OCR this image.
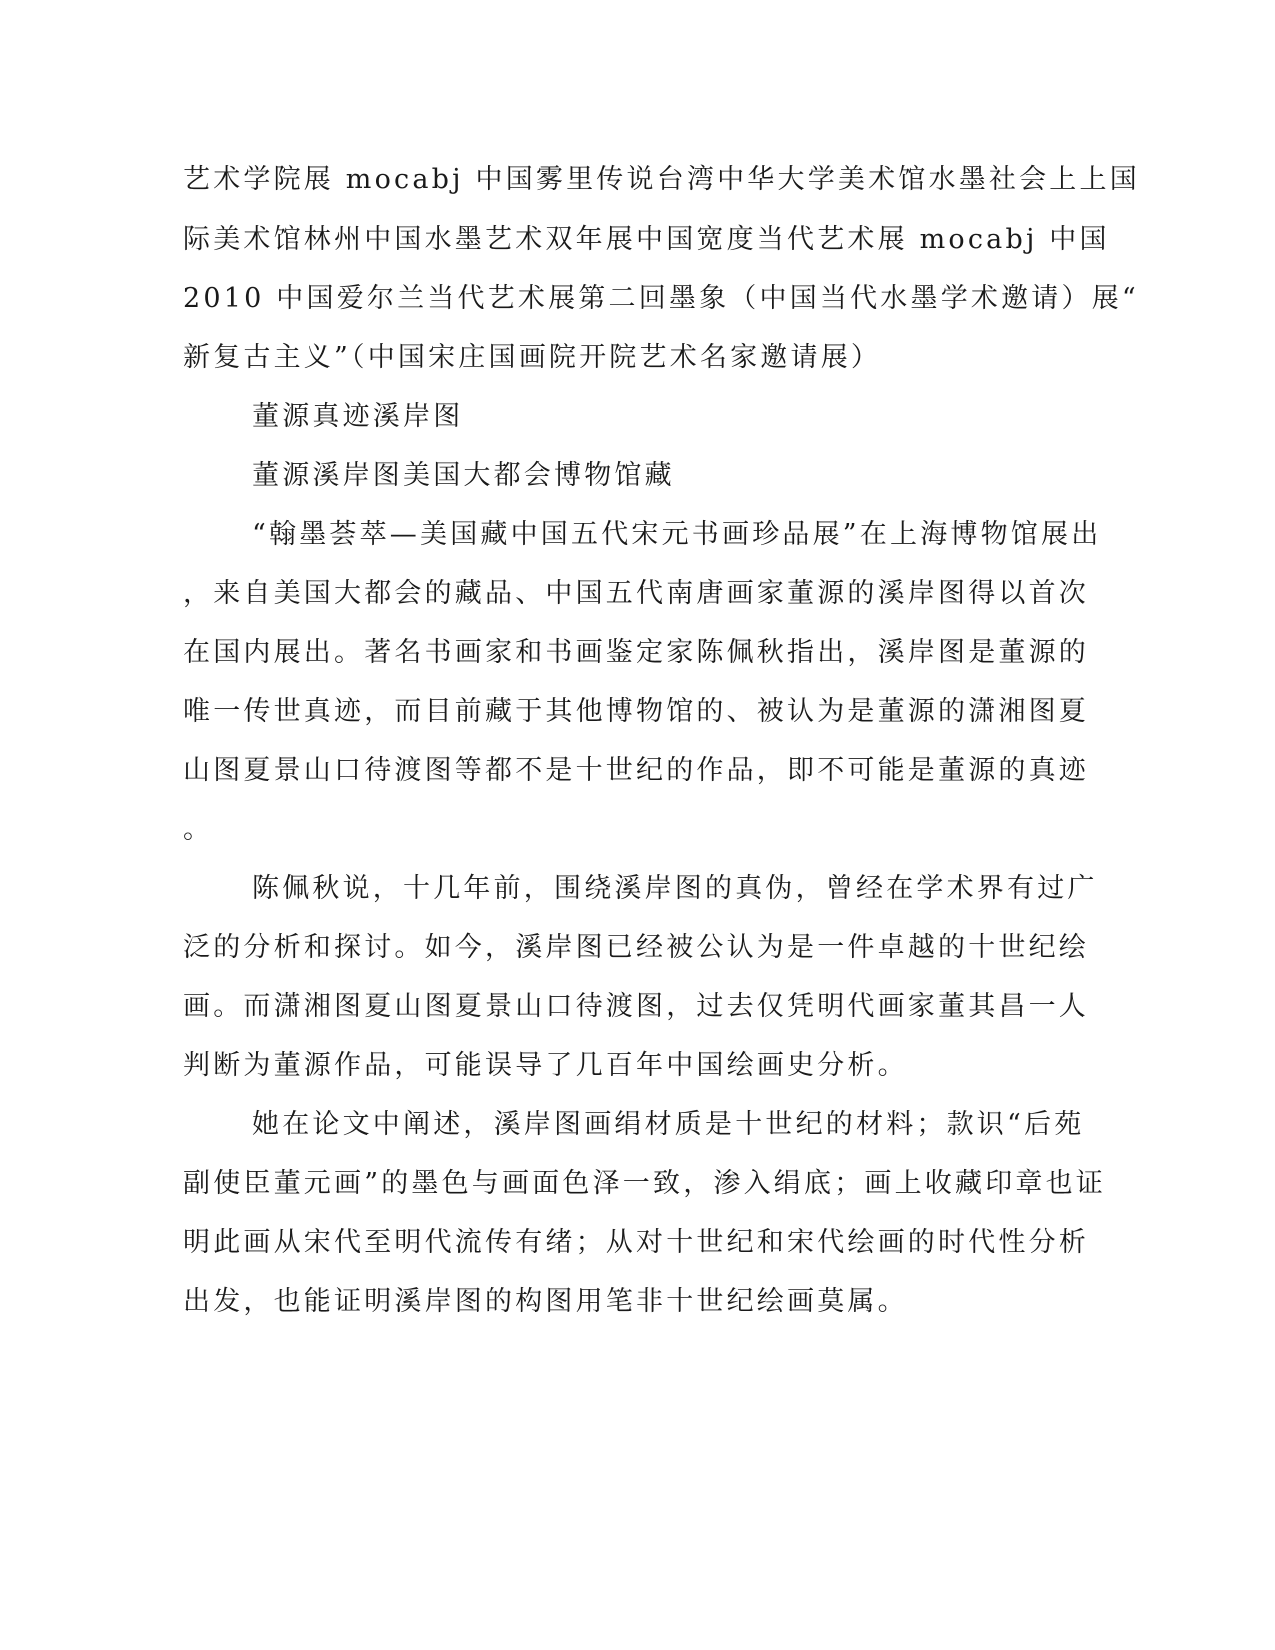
艺术学院展 mocabj 中国雾里传说台湾中华大学美术馆水墨社会上上国
际美术馆林州中国水墨艺术双年展中国宽度当代艺术展 mocabj 中国
2010 中国爱尔兰当代艺术展第二回墨象（中国当代水墨学术邀请）展“
新复古主义”（中国宋庄国画院开院艺术名家邀请展）
董源真迹溪岸图
董源溪岸图美国大都会博物馆藏
“翰墨荟萃—美国藏中国五代宋元书画珍品展”在上海博物馆展出
，来自美国大都会的藏品、中国五代南唐画家董源的溪岸图得以首次
在国内展出。著名书画家和书画鉴定家陈佩秋指出，溪岸图是董源的
唯一传世真迹，而目前藏于其他博物馆的、被认为是董源的潇湘图夏
山图夏景山口待渡图等都不是十世纪的作品，即不可能是董源的真迹
。
陈佩秋说，十几年前，围绕溪岸图的真伪，曾经在学术界有过广
泛的分析和探讨。如今，溪岸图已经被公认为是一件卓越的十世纪绘
画。而潇湘图夏山图夏景山口待渡图，过去仅凭明代画家董其昌一人
判断为董源作品，可能误导了几百年中国绘画史分析。
她在论文中阐述，溪岸图画绢材质是十世纪的材料；款识“后苑
副使臣董元画”的墨色与画面色泽一致，渗入绢底；画上收藏印章也证
明此画从宋代至明代流传有绪；从对十世纪和宋代绘画的时代性分析
出发，也能证明溪岸图的构图用笔非十世纪绘画莫属。
